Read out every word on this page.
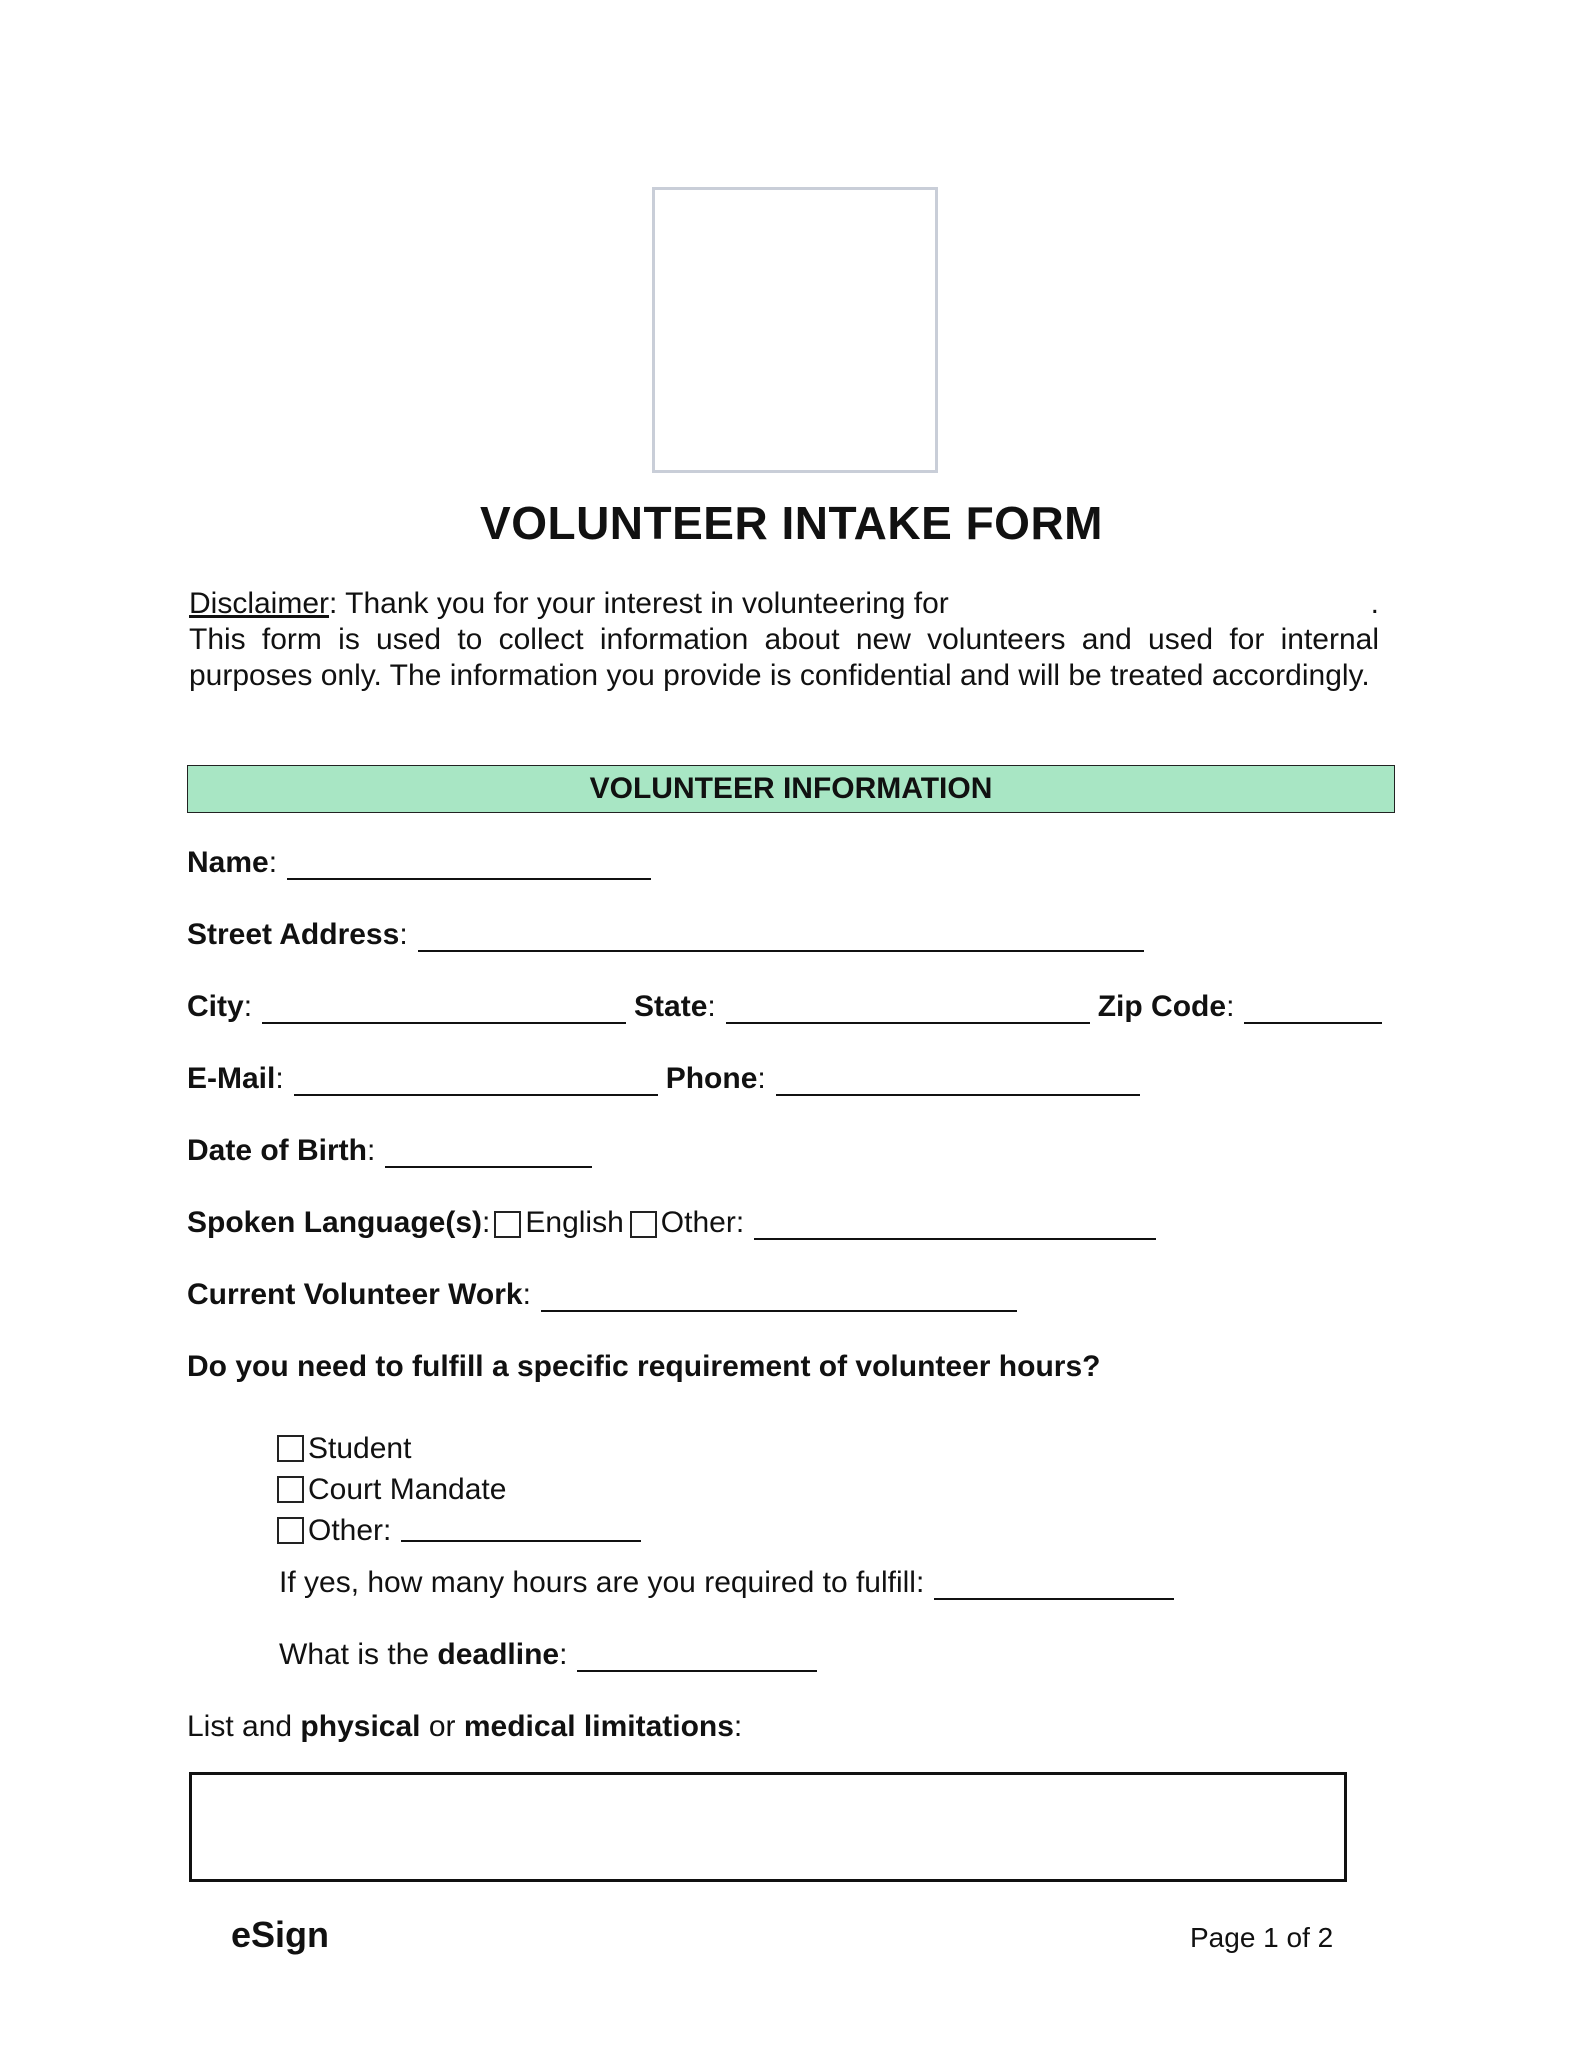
VOLUNTEER INTAKE FORM
Disclaimer: Thank you for your interest in volunteering for	.
This form is used to collect information about new volunteers and used for internal purposes only. The information you provide is confidential and will be treated accordingly.
VOLUNTEER INFORMATION
Name :
Street Address :
City :	State :	Zip Code :
E-Mail :	Phone :
Date of Birth :
Spoken Language(s) : English Other:
Current Volunteer Work :
Do you need to fulfill a specific requirement of volunteer hours?
Student
Court Mandate
Other:
If yes, how many hours are you required to fulfill:
What is the deadline :
List and physical or medical limitations :
eSign	Page 1 of 2
